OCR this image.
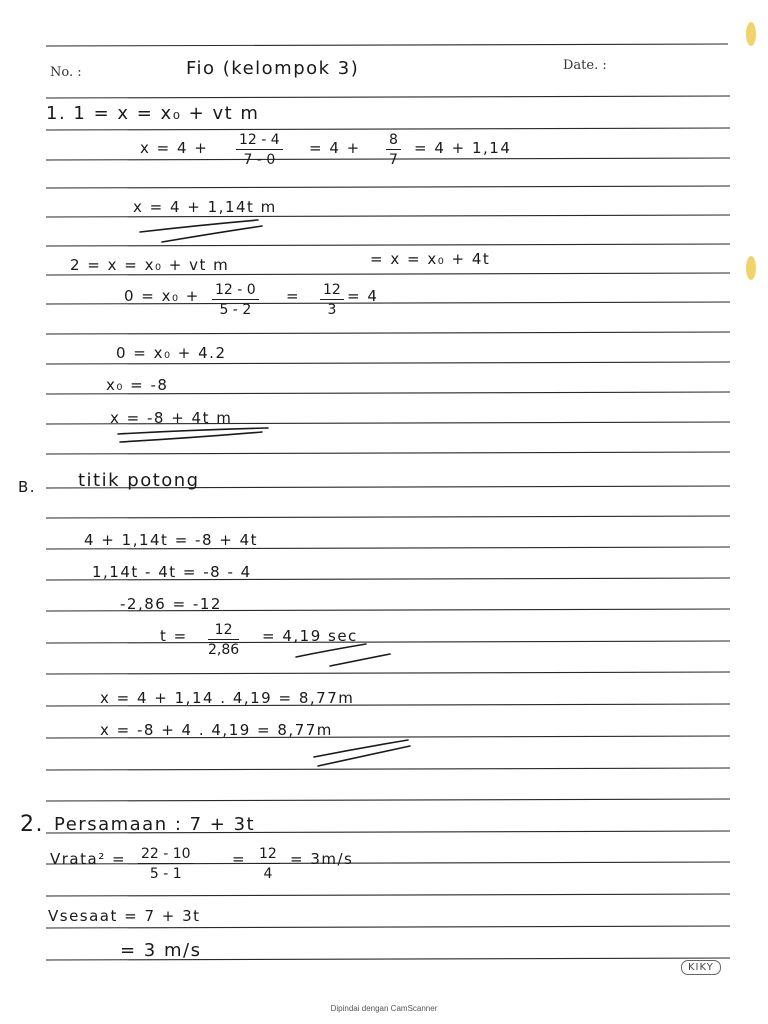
No. :	Date. :
Fio (kelompok 3)
1. 1 = x = x₀ + vt m
$x = 4 + \frac{12 - 4}{7 - 0} = 4 + \frac{8}{7} = 4 + 1,14$
x = 4 + 1,14t m
2 = x = x₀ + vt m	= x = x₀ + 4t
$0 = x_0 + \frac{12 - 0}{5 - 2} = \frac{12}{3} = 4$
0 = x₀ + 4.2
x₀ = -8
x = -8 + 4t m
B. titik potong
4 + 1,14t = -8 + 4t
1,14t - 4t = -8 - 4
-2,86 = -12
$t = \frac{12}{2,86} = 4,19$ sec
x = 4 + 1,14 . 4,19 = 8,77m
x = -8 + 4 . 4,19 = 8,77m
2. Persamaan : 7 + 3t
Vrata² = $\frac{22 - 10}{5 - 1}$	= $\frac{12}{4} = 3m/s$
Vsesaat = 7 + 3t
= 3 m/s
KIKY
Dipindai dengan CamScanner
